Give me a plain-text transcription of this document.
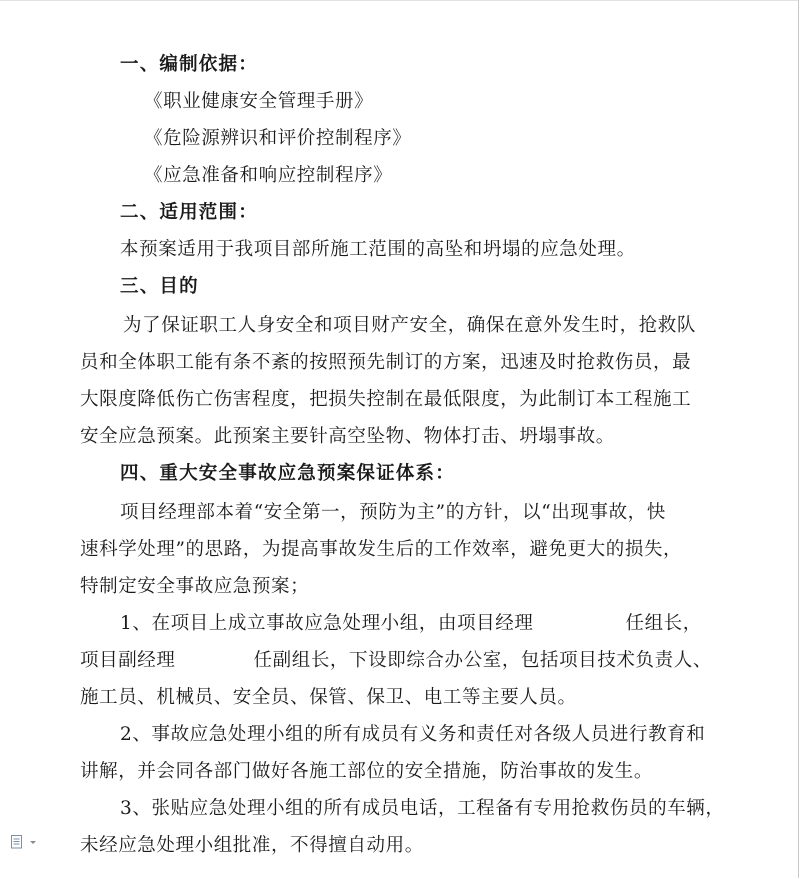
一、编制依据：
《职业健康安全管理手册》
《危险源辨识和评价控制程序》
《应急准备和响应控制程序》
二、适用范围：
本预案适用于我项目部所施工范围的高坠和坍塌的应急处理。
三、目的
为了保证职工人身安全和项目财产安全，确保在意外发生时，抢救队
员和全体职工能有条不紊的按照预先制订的方案，迅速及时抢救伤员，最
大限度降低伤亡伤害程度，把损失控制在最低限度，为此制订本工程施工
安全应急预案。此预案主要针高空坠物、物体打击、坍塌事故。
四、重大安全事故应急预案保证体系：
项目经理部本着“安全第一，预防为主”的方针，以“出现事故，快
速科学处理”的思路，为提高事故发生后的工作效率，避免更大的损失，
特制定安全事故应急预案；
1、在项目上成立事故应急处理小组，由项目经理	任组长，
项目副经理	任副组长，下设即综合办公室，包括项目技术负责人、
施工员、机械员、安全员、保管、保卫、电工等主要人员。
2、事故应急处理小组的所有成员有义务和责任对各级人员进行教育和
讲解，并会同各部门做好各施工部位的安全措施，防治事故的发生。
3、张贴应急处理小组的所有成员电话，工程备有专用抢救伤员的车辆，
未经应急处理小组批准，不得擅自动用。
